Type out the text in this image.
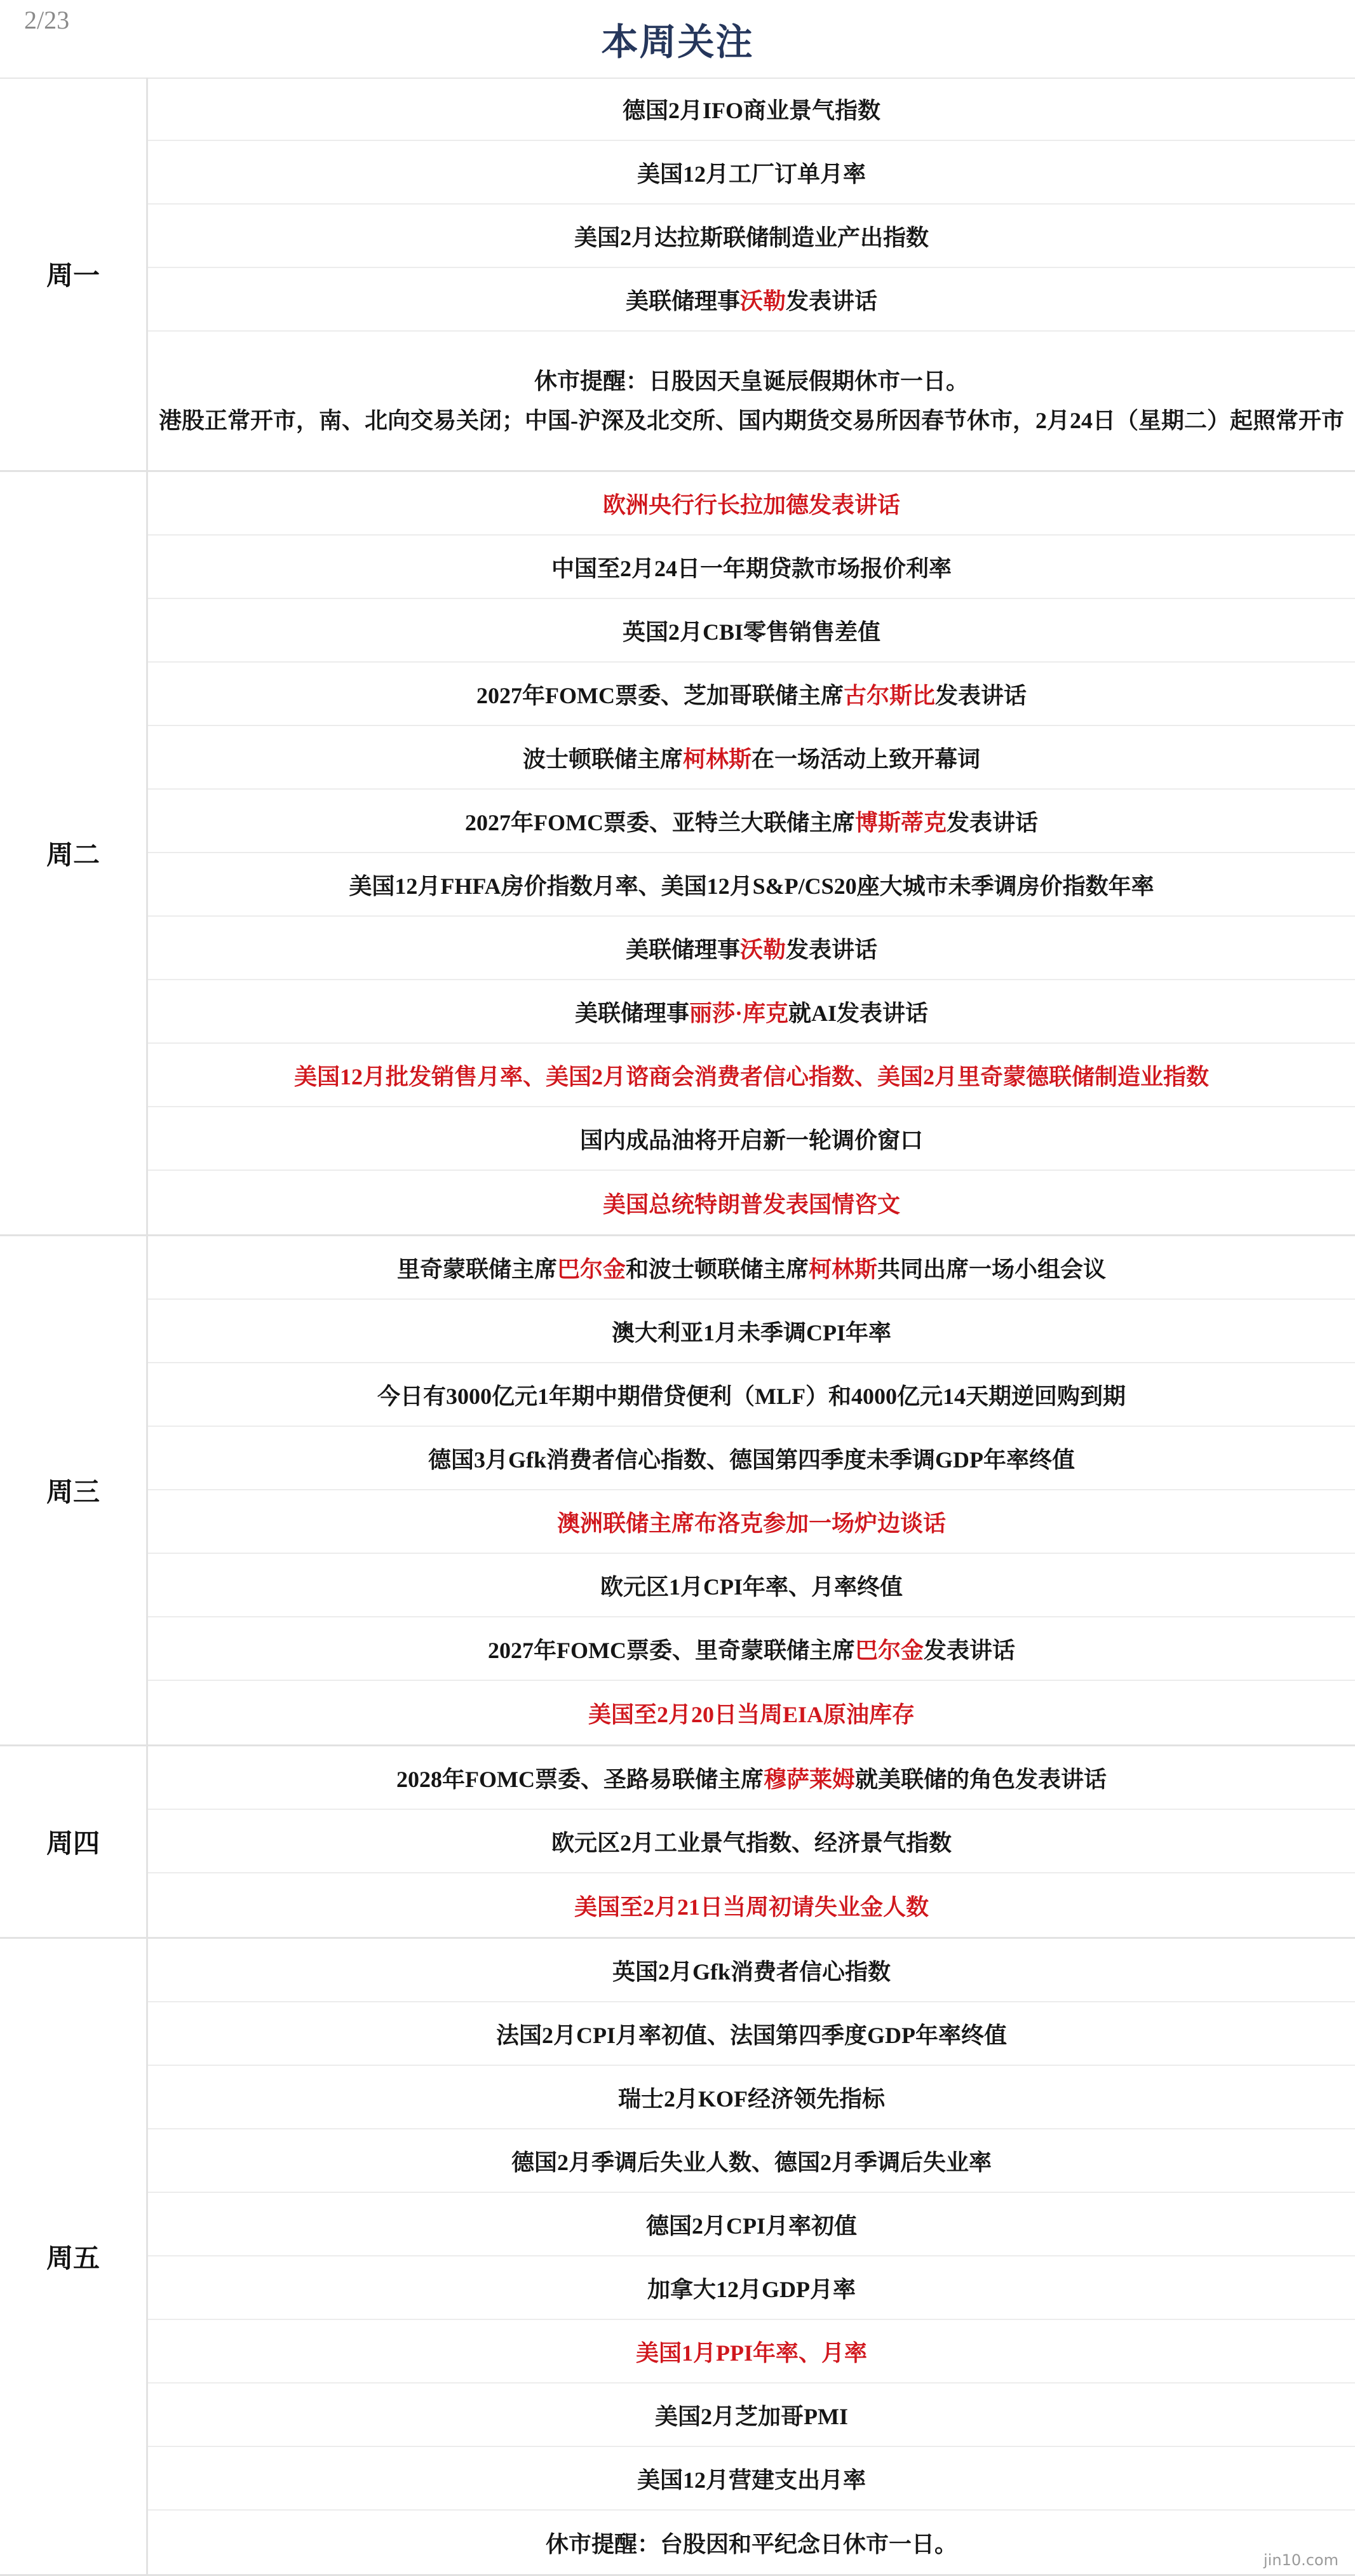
本周关注
2/23
周一
德国2月IFO商业景气指数
美国12月工厂订单月率
美国2月达拉斯联储制造业产出指数
美联储理事 沃勒 发表讲话
休市提醒：日股因天皇诞辰假期休市一日。
港股正常开市，南、北向交易关闭；中国-沪深及北交所、国内期货交易所因春节休市，2月24日（星期二）起照常开市
周二
欧洲央行行长拉加德发表讲话
中国至2月24日一年期贷款市场报价利率
英国2月CBI零售销售差值
2027年FOMC票委、芝加哥联储主席 古尔斯比 发表讲话
波士顿联储主席 柯林斯 在一场活动上致开幕词
2027年FOMC票委、亚特兰大联储主席 博斯蒂克 发表讲话
美国12月FHFA房价指数月率、美国12月S&P/CS20座大城市未季调房价指数年率
美联储理事 沃勒 发表讲话
美联储理事 丽莎·库克 就AI发表讲话
美国12月批发销售月率、美国2月谘商会消费者信心指数、美国2月里奇蒙德联储制造业指数
国内成品油将开启新一轮调价窗口
美国总统特朗普发表国情咨文
周三
里奇蒙联储主席 巴尔金 和波士顿联储主席 柯林斯 共同出席一场小组会议
澳大利亚1月未季调CPI年率
今日有3000亿元1年期中期借贷便利（MLF）和4000亿元14天期逆回购到期
德国3月Gfk消费者信心指数、德国第四季度未季调GDP年率终值
澳洲联储主席布洛克参加一场炉边谈话
欧元区1月CPI年率、月率终值
2027年FOMC票委、里奇蒙联储主席 巴尔金 发表讲话
美国至2月20日当周EIA原油库存
周四
2028年FOMC票委、圣路易联储主席 穆萨莱姆 就美联储的角色发表讲话
欧元区2月工业景气指数、经济景气指数
美国至2月21日当周初请失业金人数
周五
英国2月Gfk消费者信心指数
法国2月CPI月率初值、法国第四季度GDP年率终值
瑞士2月KOF经济领先指标
德国2月季调后失业人数、德国2月季调后失业率
德国2月CPI月率初值
加拿大12月GDP月率
美国1月PPI年率、月率
美国2月芝加哥PMI
美国12月营建支出月率
休市提醒：台股因和平纪念日休市一日。
jin10.com
